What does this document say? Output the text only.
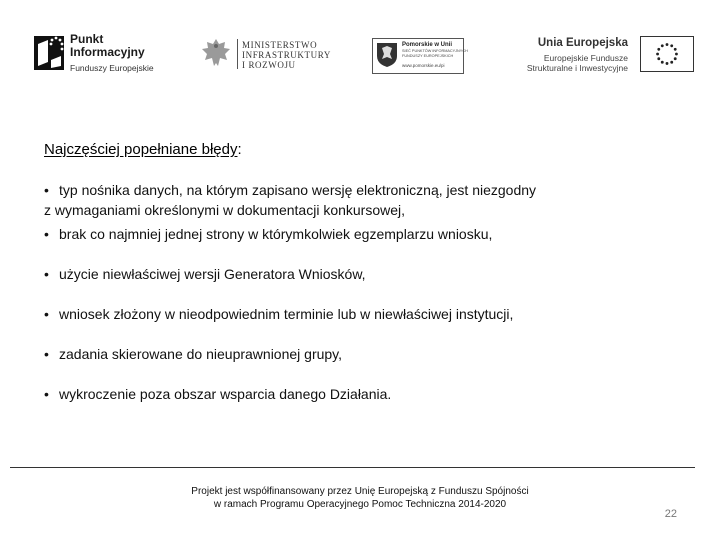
Punkt
Informacyjny
Funduszy Europejskie
MINISTERSTWO
INFRASTRUKTURY
I ROZWOJU
Pomorskie w Unii
SIEĆ PUNKTÓW INFORMACYJNYCH
FUNDUSZY EUROPEJSKICH
www.pomorskie.eu/pi
Unia Europejska
Europejskie Fundusze
Strukturalne i Inwestycyjne
Najczęściej popełniane błędy:
• typ nośnika danych, na którym zapisano wersję elektroniczną, jest niezgodny
z wymaganiami określonymi w dokumentacji konkursowej,
• brak co najmniej jednej strony w którymkolwiek egzemplarzu wniosku,
• użycie niewłaściwej wersji Generatora Wniosków,
• wniosek złożony w nieodpowiednim terminie lub w niewłaściwej instytucji,
• zadania skierowane do nieuprawnionej grupy,
• wykroczenie poza obszar wsparcia danego Działania.
Projekt jest współfinansowany przez Unię Europejską z Funduszu Spójności
w ramach Programu Operacyjnego Pomoc Techniczna 2014-2020
22
